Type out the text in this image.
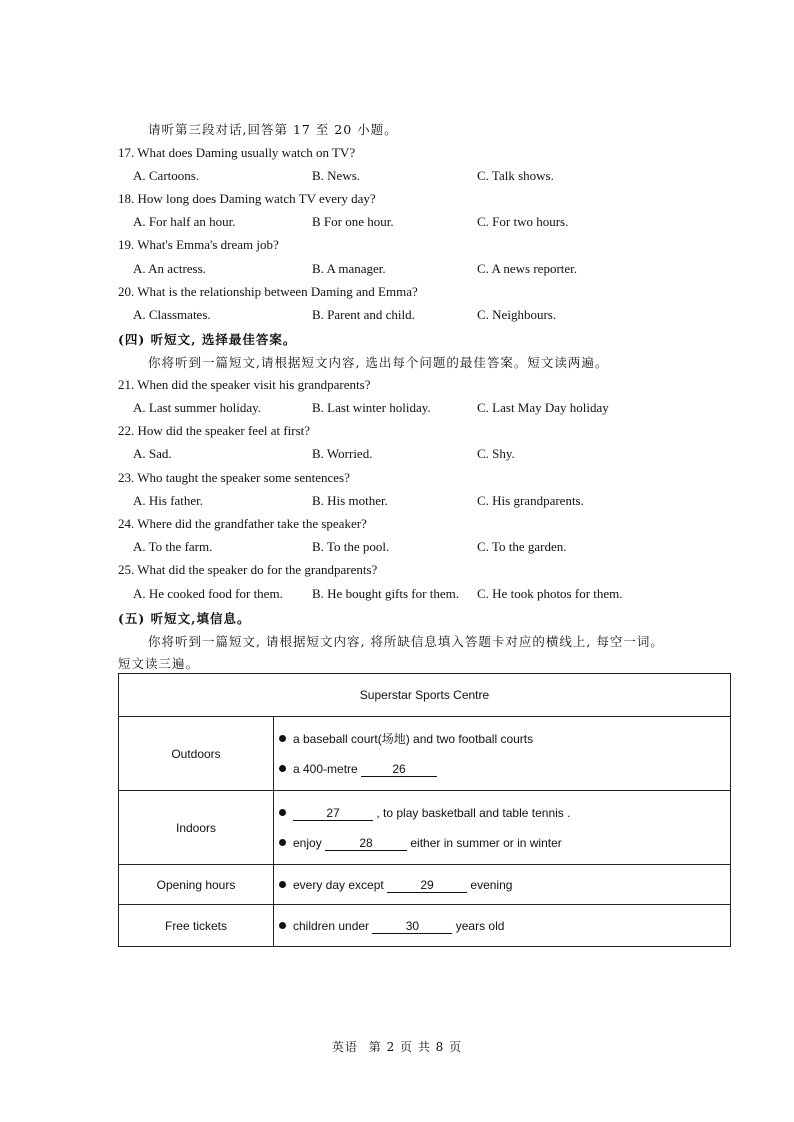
请听第三段对话,回答第 17 至 20 小题。
17. What does Daming usually watch on TV?
A. Cartoons.	B. News.	C. Talk shows.
18. How long does Daming watch TV every day?
A. For half an hour.	B For one hour.	C. For two hours.
19. What's Emma's dream job?
A. An actress.	B. A manager.	C. A news reporter.
20. What is the relationship between Daming and Emma?
A. Classmates.	B. Parent and child.	C. Neighbours.
(四) 听短文, 选择最佳答案。
你将听到一篇短文,请根据短文内容, 选出每个问题的最佳答案。短文读两遍。
21. When did the speaker visit his grandparents?
A. Last summer holiday.	B. Last winter holiday.	C. Last May Day holiday
22. How did the speaker feel at first?
A. Sad.	B. Worried.	C. Shy.
23. Who taught the speaker some sentences?
A. His father.	B. His mother.	C. His grandparents.
24. Where did the grandfather take the speaker?
A. To the farm.	B. To the pool.	C. To the garden.
25. What did the speaker do for the grandparents?
A. He cooked food for them. B. He bought gifts for them. C. He took photos for them.
(五) 听短文,填信息。
你将听到一篇短文, 请根据短文内容, 将所缺信息填入答题卡对应的横线上, 每空一词。
短文读三遍。
Superstar Sports Centre	
Outdoors	a baseball court(场地) and two football courts
a 400-metre 26

Indoors	27 , to play basketball and table tennis .
enjoy 28 either in summer or in winter

Opening hours	every day except 29 evening

Free tickets	children under 30 years old
英语 第 2 页 共 8 页
